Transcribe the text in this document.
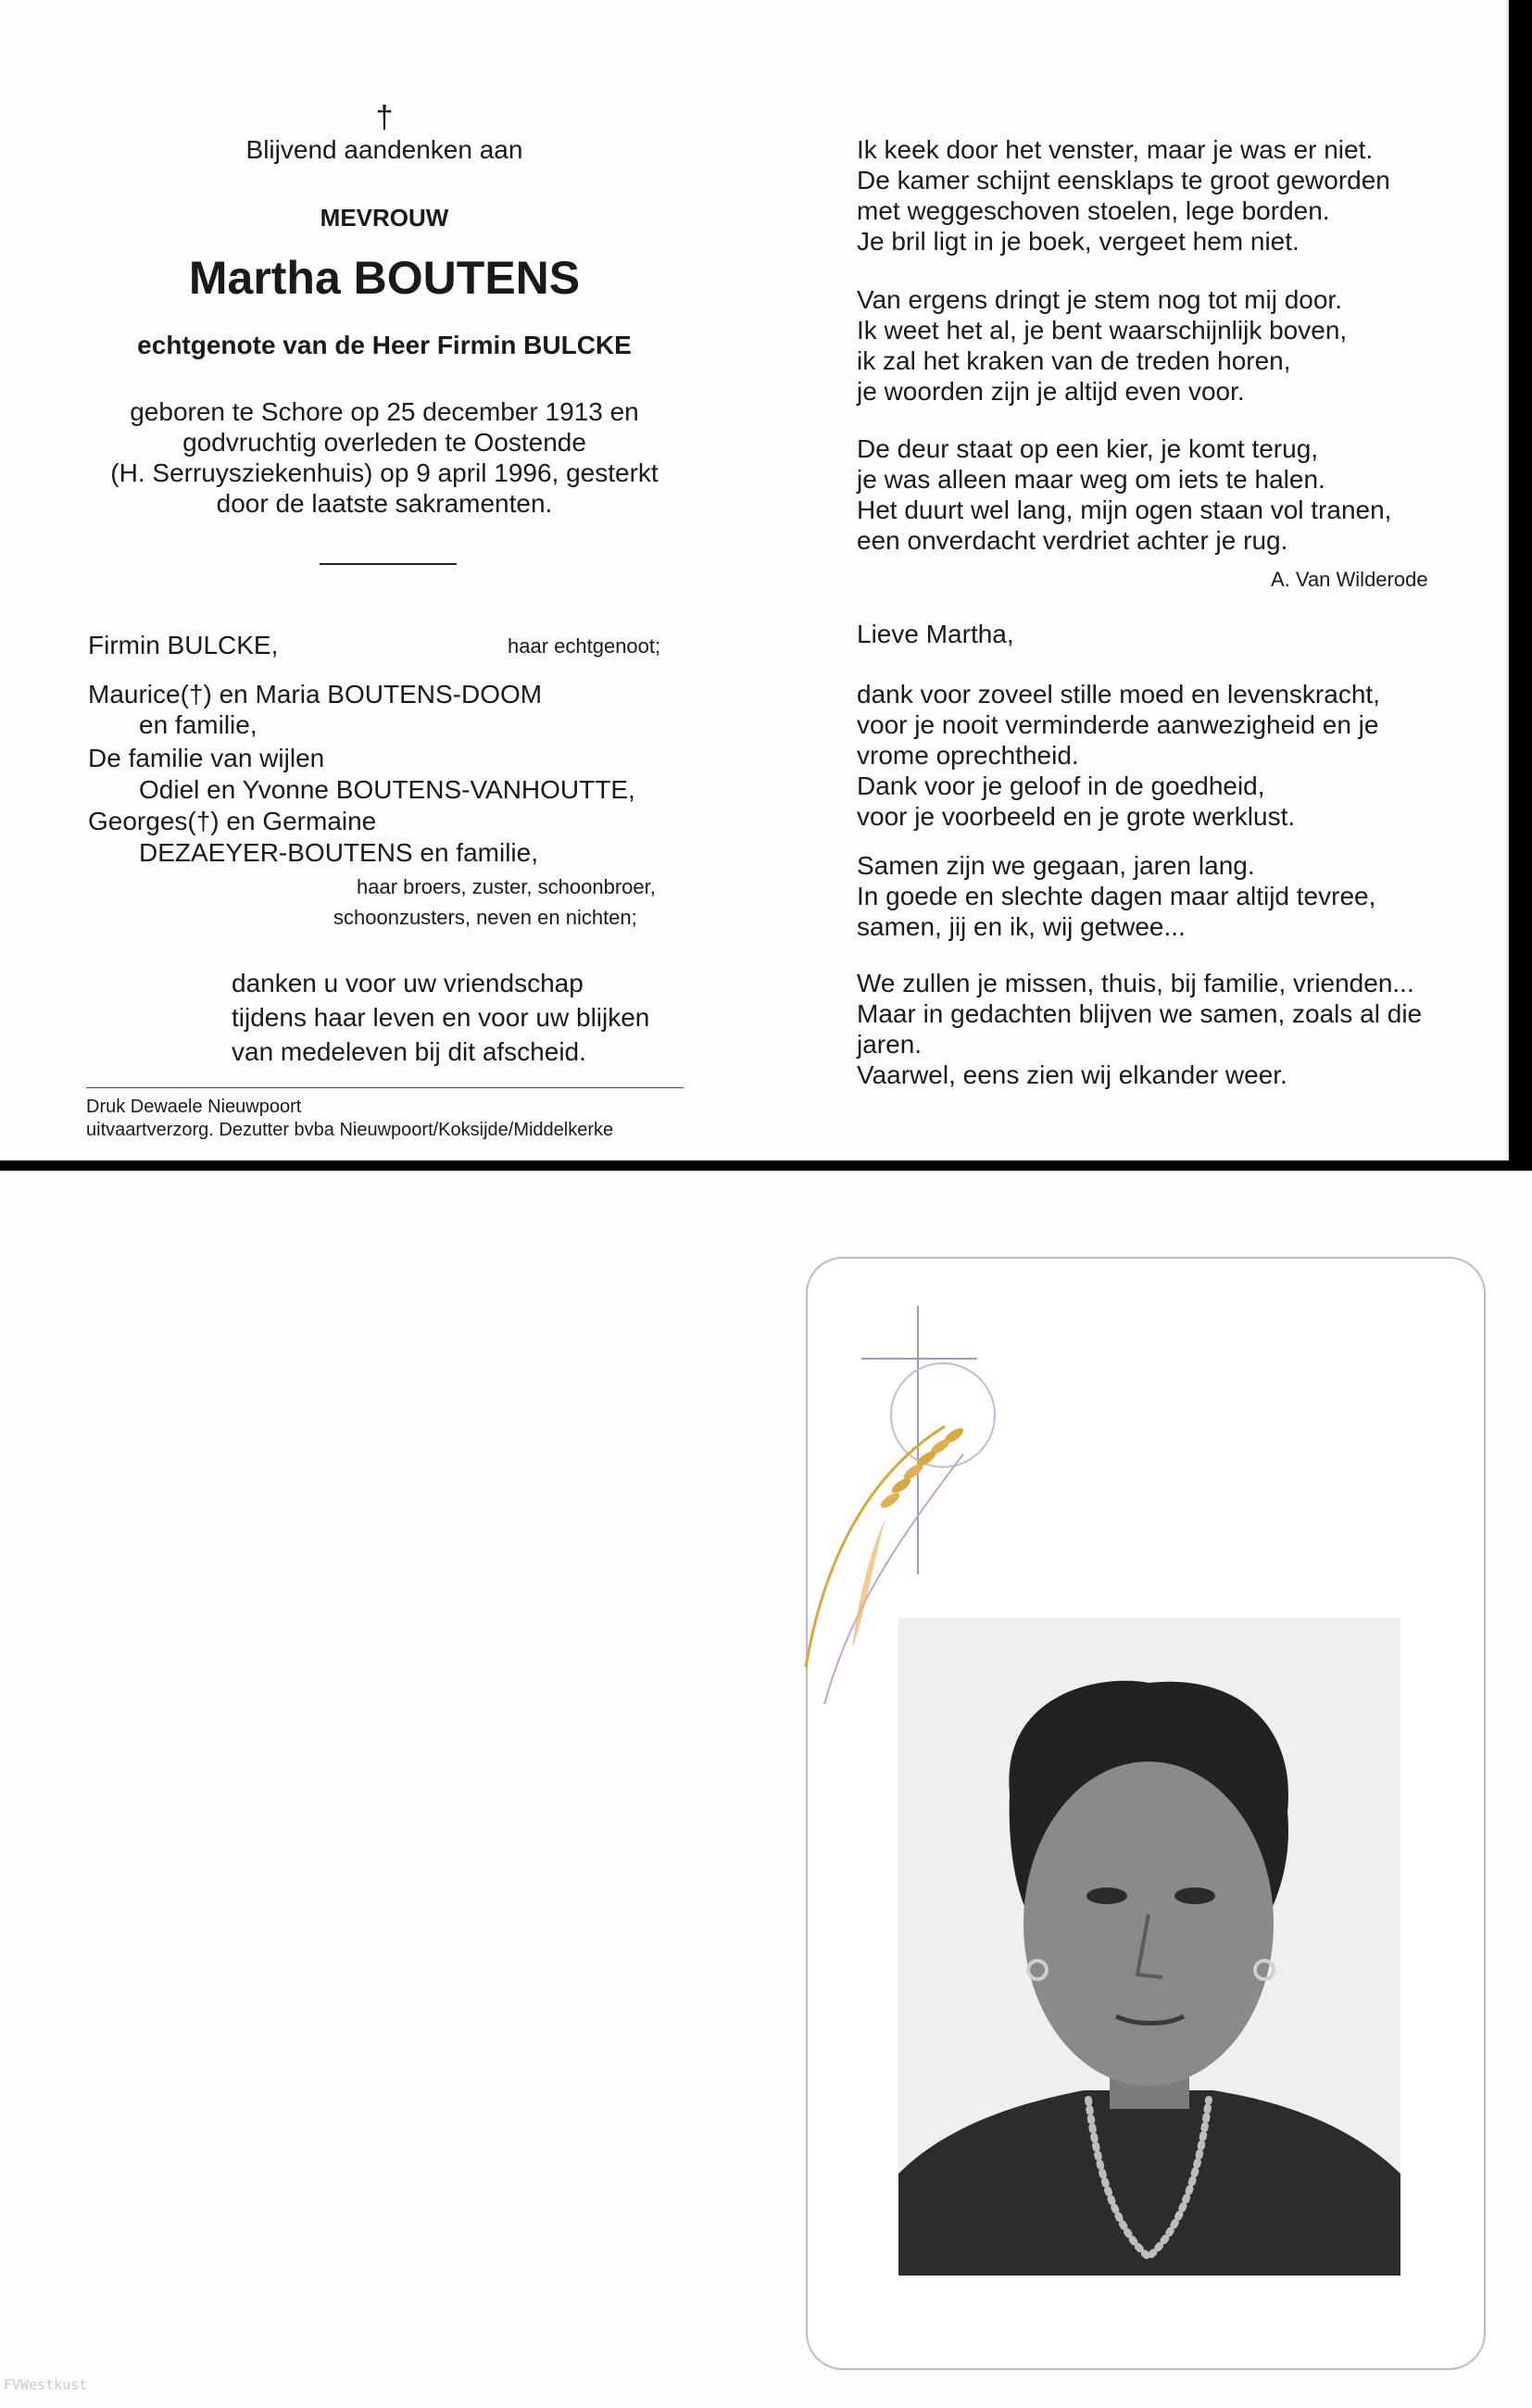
†
Blijvend aandenken aan
MEVROUW
Martha BOUTENS
echtgenote van de Heer Firmin BULCKE
geboren te Schore op 25 december 1913 en
godvruchtig overleden te Oostende
(H. Serruysziekenhuis) op 9 april 1996, gesterkt
door de laatste sakramenten.
Firmin BULCKE,	haar echtgenoot;
Maurice(†) en Maria BOUTENS-DOOM
en familie,
De familie van wijlen
Odiel en Yvonne BOUTENS-VANHOUTTE,
Georges(†) en Germaine
DEZAEYER-BOUTENS en familie,
haar broers, zuster, schoonbroer,
schoonzusters, neven en nichten;
danken u voor uw vriendschap
tijdens haar leven en voor uw blijken
van medeleven bij dit afscheid.
Druk Dewaele Nieuwpoort
uitvaartverzorg. Dezutter bvba Nieuwpoort/Koksijde/Middelkerke
Ik keek door het venster, maar je was er niet.
De kamer schijnt eensklaps te groot geworden
met weggeschoven stoelen, lege borden.
Je bril ligt in je boek, vergeet hem niet.
Van ergens dringt je stem nog tot mij door.
Ik weet het al, je bent waarschijnlijk boven,
ik zal het kraken van de treden horen,
je woorden zijn je altijd even voor.
De deur staat op een kier, je komt terug,
je was alleen maar weg om iets te halen.
Het duurt wel lang, mijn ogen staan vol tranen,
een onverdacht verdriet achter je rug.
A. Van Wilderode
Lieve Martha,
dank voor zoveel stille moed en levenskracht,
voor je nooit verminderde aanwezigheid en je
vrome oprechtheid.
Dank voor je geloof in de goedheid,
voor je voorbeeld en je grote werklust.
Samen zijn we gegaan, jaren lang.
In goede en slechte dagen maar altijd tevree,
samen, jij en ik, wij getwee...
We zullen je missen, thuis, bij familie, vrienden...
Maar in gedachten blijven we samen, zoals al die
jaren.
Vaarwel, eens zien wij elkander weer.
FVWestkust
